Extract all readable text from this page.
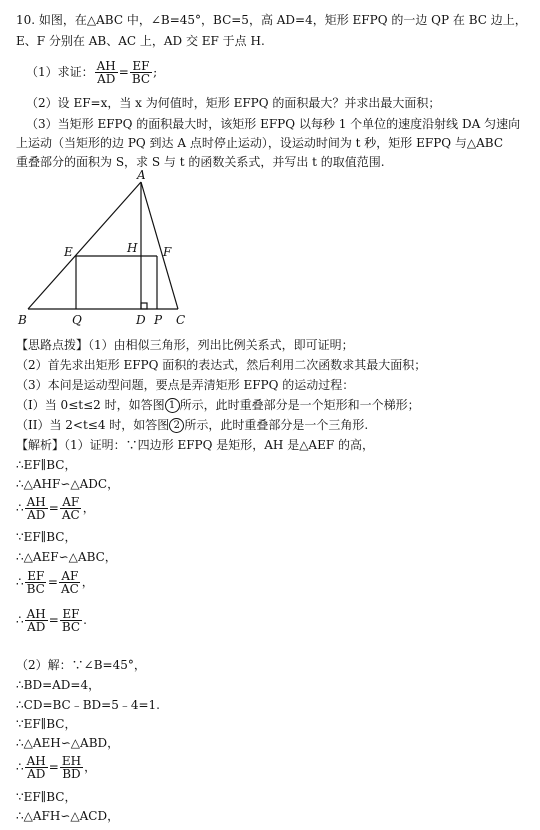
10. 如图，在△ABC 中，∠B=45°，BC=5，高 AD=4，矩形 EFPQ 的一边 QP 在 BC 边上，
E、F 分别在 AB、AC 上，AD 交 EF 于点 H.
（1）求证： $\frac{AH}{AD} = \frac{EF}{BC}$ ;
（2）设 EF=x，当 x 为何值时，矩形 EFPQ 的面积最大？并求出最大面积；
（3）当矩形 EFPQ 的面积最大时，该矩形 EFPQ 以每秒 1 个单位的速度沿射线 DA 匀速向
上运动（当矩形的边 PQ 到达 A 点时停止运动），设运动时间为 t 秒，矩形 EFPQ 与△ABC
重叠部分的面积为 S，求 S 与 t 的函数关系式，并写出 t 的取值范围.
A
E	H F
B	Q	D P C
【思路点拨】（1）由相似三角形，列出比例关系式，即可证明；
（2）首先求出矩形 EFPQ 面积的表达式，然后利用二次函数求其最大面积；
（3）本问是运动型问题，要点是弄清矩形 EFPQ 的运动过程：
（I）当 0≤t≤2 时，如答图 1 所示，此时重叠部分是一个矩形和一个梯形；
（II）当 2<t≤4 时，如答图 2 所示，此时重叠部分是一个三角形.
【解析】（1）证明：∵四边形 EFPQ 是矩形，AH 是△AEF 的高，
∴EF∥BC，
∴△AHF∽△ADC，
∴ $\frac{AH}{AD} = \frac{AF}{AC}$ ，
∵EF∥BC，
∴△AEF∽△ABC，
∴ $\frac{EF}{BC} = \frac{AF}{AC}$ ，
∴ $\frac{AH}{AD} = \frac{EF}{BC}$ .
（2）解：∵∠B=45°，
∴BD=AD=4，
∴CD=BC﹣BD=5﹣4=1.
∵EF∥BC，
∴△AEH∽△ABD，
∴ $\frac{AH}{AD} = \frac{EH}{BD}$ ，
∵EF∥BC，
∴△AFH∽△ACD，
